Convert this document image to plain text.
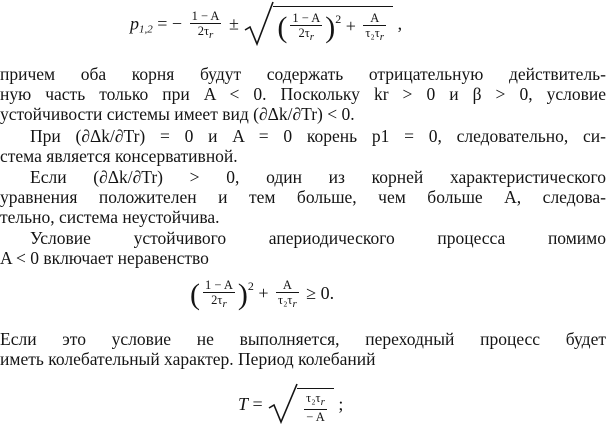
$p_{1,2}$ = − $\frac{1 - A}{2\tau r}$ ± ( $\frac{1 - A}{2\tau r} )^2 + \frac{A}{\text{τ₂τr}}$ ,
причем оба корня будут содержать отрицательную действитель-
ную часть только при A < 0. Поскольку kr > 0 и β > 0, условие
устойчивости системы имеет вид (∂Δk/∂Tr) < 0.
При (∂Δk/∂Tr) = 0 и A = 0 корень p1 = 0, следовательно, си-
стема является консервативной.
Если (∂Δk/∂Tr) > 0, один из корней характеристического
уравнения положителен и тем больше, чем больше A, следова-
тельно, система неустойчива.
Условие устойчивого апериодического процесса помимо
A < 0 включает неравенство
( $\frac{1 - A}{2\tau r} )^2 + \frac{A}{\text{τ₂τr}} \ge 0$.
Если это условие не выполняется, переходный процесс будет
иметь колебательный характер. Период колебаний
T =	$\frac{\text{τ₂τr}}{- A}$ ;
